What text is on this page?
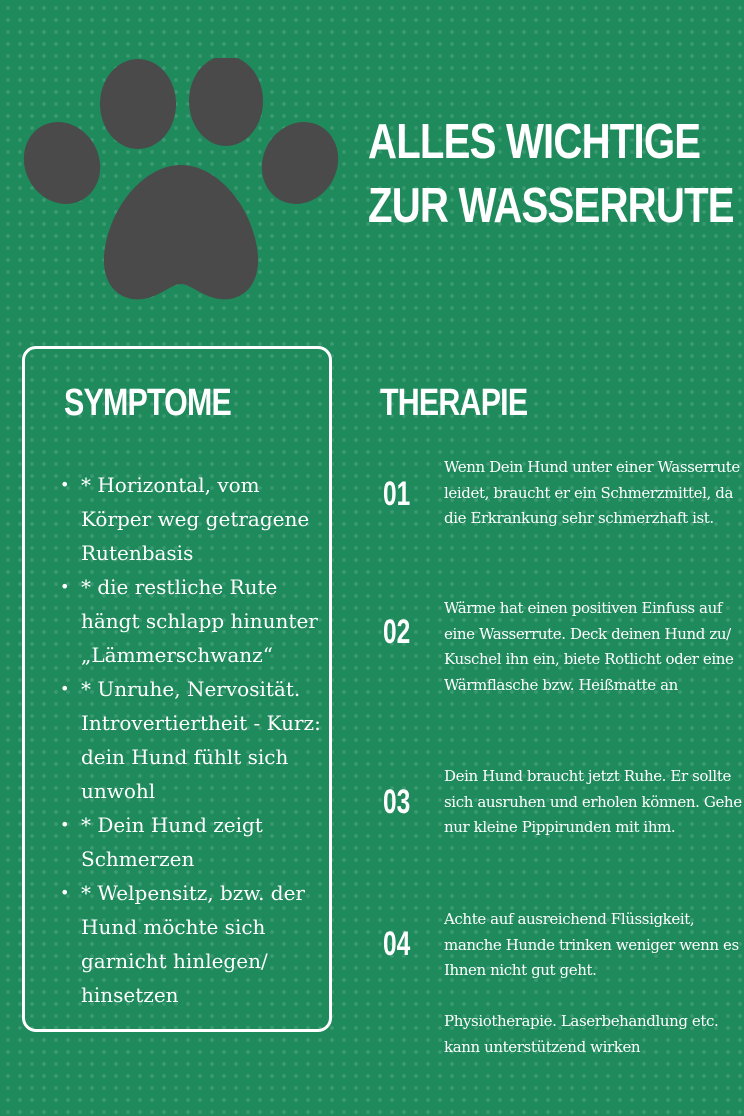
ALLES WICHTIGE
ZUR WASSERRUTE
SYMPTOME
• * Horizontal, vom Körper weg getragene Rutenbasis
• * die restliche Rute hängt schlapp hinunter „Lämmerschwanz“
• * Unruhe, Nervosität. Introvertiertheit - Kurz: dein Hund fühlt sich unwohl
• * Dein Hund zeigt Schmerzen
• * Welpensitz, bzw. der Hund möchte sich garnicht hinlegen/ hinsetzen
THERAPIE
01

Wenn Dein Hund unter einer Wasserrute leidet, braucht er ein Schmerzmittel, da die Erkrankung sehr schmerzhaft ist.

02

Wärme hat einen positiven Einfuss auf eine Wasserrute. Deck deinen Hund zu/ Kuschel ihn ein, biete Rotlicht oder eine Wärmflasche bzw. Heißmatte an

03

Dein Hund braucht jetzt Ruhe. Er sollte sich ausruhen und erholen können. Gehe nur kleine Pippirunden mit ihm.

04

Achte auf ausreichend Flüssigkeit, manche Hunde trinken weniger wenn es Ihnen nicht gut geht.

Physiotherapie. Laserbehandlung etc. kann unterstützend wirken
